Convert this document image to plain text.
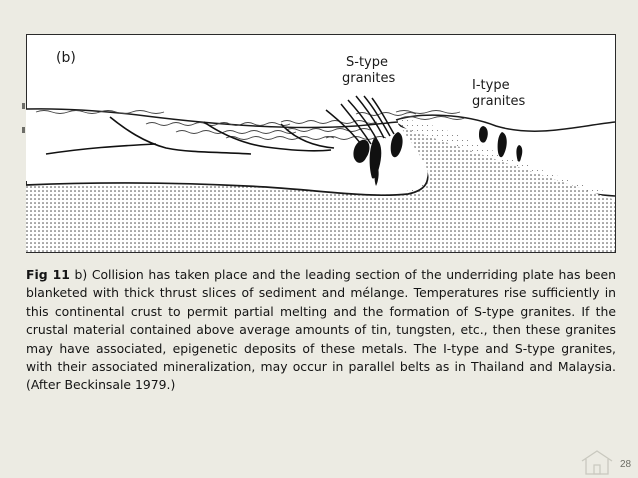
(b)	S-type
granites	I-type
granites

Fig 11 b) Collision has taken place and the leading section of the underriding plate has been blanketed with thick thrust slices of sediment and mélange. Temperatures rise sufficiently in this continental crust to permit partial melting and the formation of S-type granites. If the crustal material contained above average amounts of tin, tungsten, etc., then these granites may have associated, epigenetic deposits of these metals. The I-type and S-type granites, with their associated mineralization, may occur in parallel belts as in Thailand and Malaysia. (After Beckinsale 1979.)

28
